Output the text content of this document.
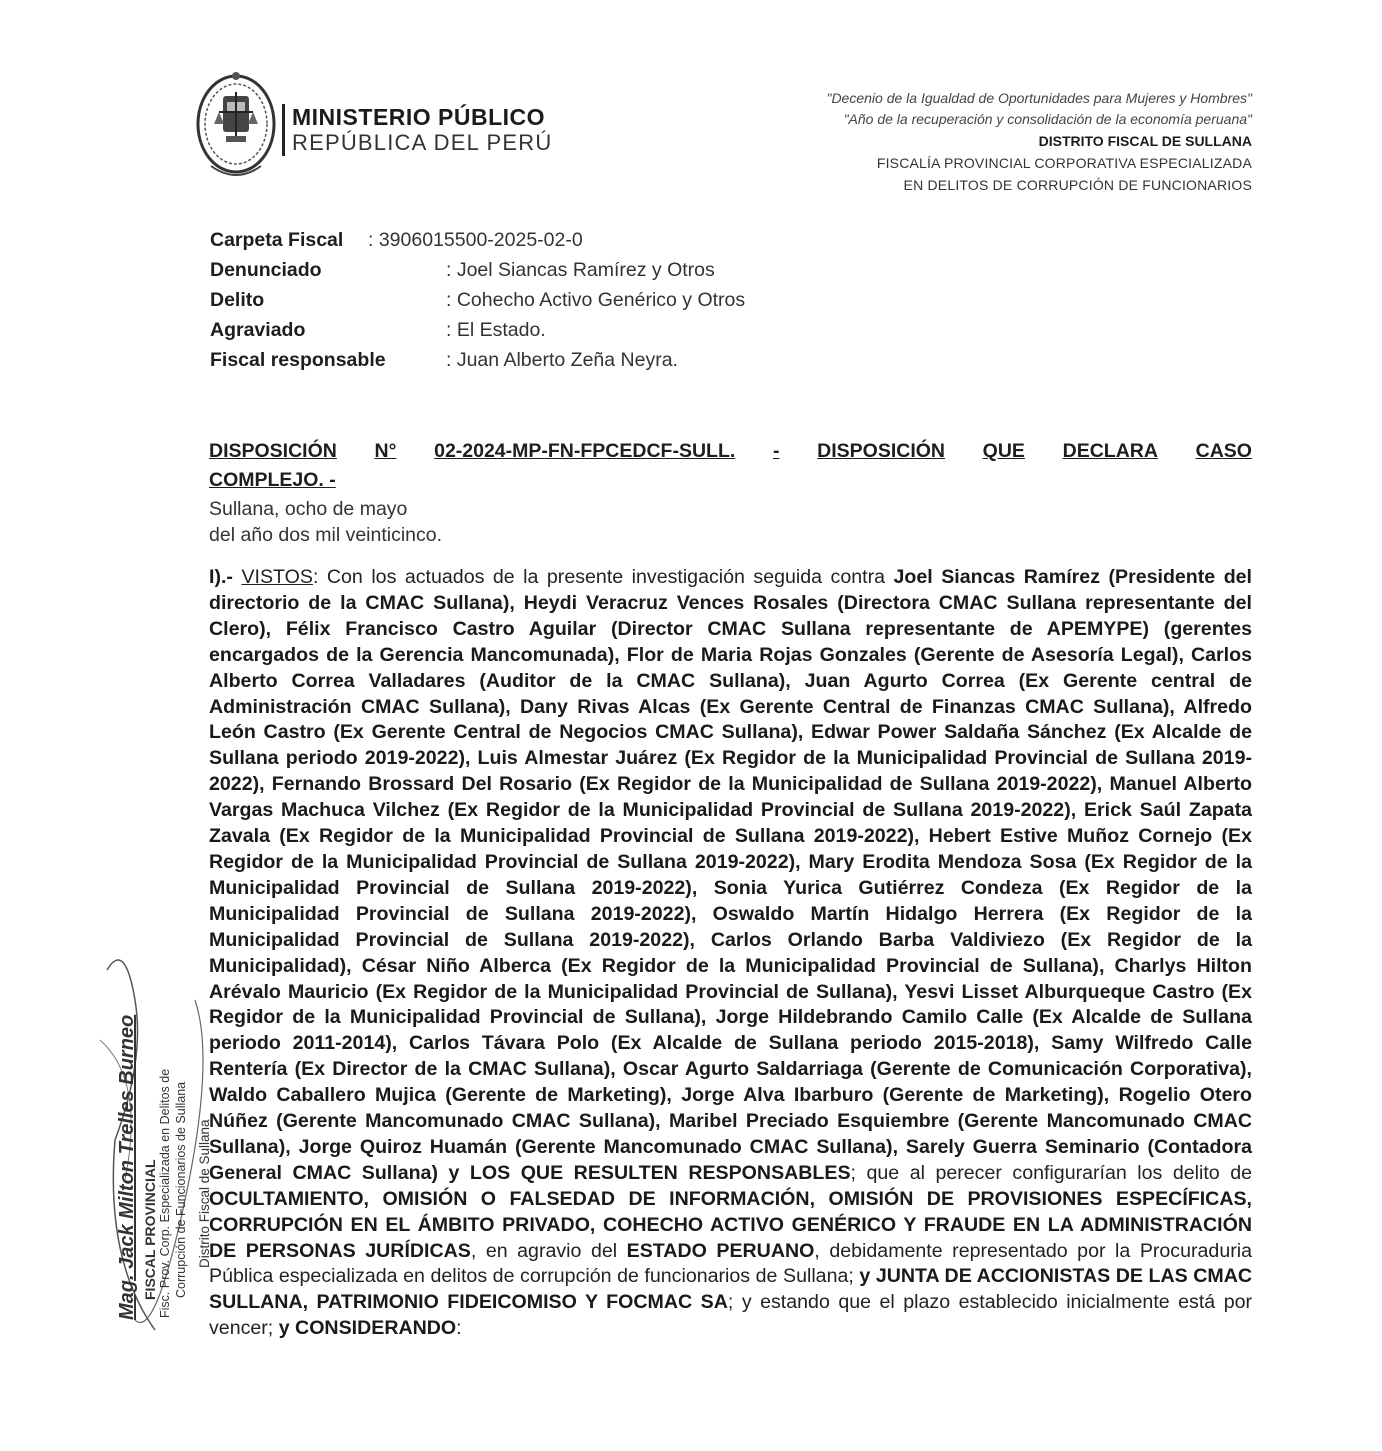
MINISTERIO PÚBLICO
REPÚBLICA DEL PERÚ
"Decenio de la Igualdad de Oportunidades para Mujeres y Hombres"
"Año de la recuperación y consolidación de la economía peruana"
DISTRITO FISCAL DE SULLANA
FISCALÍA PROVINCIAL CORPORATIVA ESPECIALIZADA
EN DELITOS DE CORRUPCIÓN DE FUNCIONARIOS
Carpeta Fiscal : 3906015500-2025-02-0
Denunciado	: Joel Siancas Ramírez y Otros
Delito	: Cohecho Activo Genérico y Otros
Agraviado	: El Estado.
Fiscal responsable	: Juan Alberto Zeña Neyra.
DISPOSICIÓN N° 02-2024-MP-FN-FPCEDCF-SULL. - DISPOSICIÓN QUE DECLARA CASO
COMPLEJO. -
Sullana, ocho de mayo
del año dos mil veinticinco.
I).- VISTOS: Con los actuados de la presente investigación seguida contra Joel Siancas Ramírez (Presidente del directorio de la CMAC Sullana), Heydi Veracruz Vences Rosales (Directora CMAC Sullana representante del Clero), Félix Francisco Castro Aguilar (Director CMAC Sullana representante de APEMYPE) (gerentes encargados de la Gerencia Mancomunada), Flor de Maria Rojas Gonzales (Gerente de Asesoría Legal), Carlos Alberto Correa Valladares (Auditor de la CMAC Sullana), Juan Agurto Correa (Ex Gerente central de Administración CMAC Sullana), Dany Rivas Alcas (Ex Gerente Central de Finanzas CMAC Sullana), Alfredo León Castro (Ex Gerente Central de Negocios CMAC Sullana), Edwar Power Saldaña Sánchez (Ex Alcalde de Sullana periodo 2019-2022), Luis Almestar Juárez (Ex Regidor de la Municipalidad Provincial de Sullana 2019-2022), Fernando Brossard Del Rosario (Ex Regidor de la Municipalidad de Sullana 2019-2022), Manuel Alberto Vargas Machuca Vilchez (Ex Regidor de la Municipalidad Provincial de Sullana 2019-2022), Erick Saúl Zapata Zavala (Ex Regidor de la Municipalidad Provincial de Sullana 2019-2022), Hebert Estive Muñoz Cornejo (Ex Regidor de la Municipalidad Provincial de Sullana 2019-2022), Mary Erodita Mendoza Sosa (Ex Regidor de la Municipalidad Provincial de Sullana 2019-2022), Sonia Yurica Gutiérrez Condeza (Ex Regidor de la Municipalidad Provincial de Sullana 2019-2022), Oswaldo Martín Hidalgo Herrera (Ex Regidor de la Municipalidad Provincial de Sullana 2019-2022), Carlos Orlando Barba Valdiviezo (Ex Regidor de la Municipalidad), César Niño Alberca (Ex Regidor de la Municipalidad Provincial de Sullana), Charlys Hilton Arévalo Mauricio (Ex Regidor de la Municipalidad Provincial de Sullana), Yesvi Lisset Alburqueque Castro (Ex Regidor de la Municipalidad Provincial de Sullana), Jorge Hildebrando Camilo Calle (Ex Alcalde de Sullana periodo 2011-2014), Carlos Távara Polo (Ex Alcalde de Sullana periodo 2015-2018), Samy Wilfredo Calle Rentería (Ex Director de la CMAC Sullana), Oscar Agurto Saldarriaga (Gerente de Comunicación Corporativa), Waldo Caballero Mujica (Gerente de Marketing), Jorge Alva Ibarburo (Gerente de Marketing), Rogelio Otero Núñez (Gerente Mancomunado CMAC Sullana), Maribel Preciado Esquiembre (Gerente Mancomunado CMAC Sullana), Jorge Quiroz Huamán (Gerente Mancomunado CMAC Sullana), Sarely Guerra Seminario (Contadora General CMAC Sullana) y LOS QUE RESULTEN RESPONSABLES; que al perecer configurarían los delito de OCULTAMIENTO, OMISIÓN O FALSEDAD DE INFORMACIÓN, OMISIÓN DE PROVISIONES ESPECÍFICAS, CORRUPCIÓN EN EL ÁMBITO PRIVADO, COHECHO ACTIVO GENÉRICO Y FRAUDE EN LA ADMINISTRACIÓN DE PERSONAS JURÍDICAS, en agravio del ESTADO PERUANO, debidamente representado por la Procuraduria Pública especializada en delitos de corrupción de funcionarios de Sullana; y JUNTA DE ACCIONISTAS DE LAS CMAC SULLANA, PATRIMONIO FIDEICOMISO Y FOCMAC SA; y estando que el plazo establecido inicialmente está por vencer; y CONSIDERANDO:
Mag. Jack Milton Trelles Burneo FISCAL PROVINCIAL Fisc. Prov. Corp. Especializada en Delitos de Corrupción de Funcionarios de Sullana Distrito Fiscal de Sullana
